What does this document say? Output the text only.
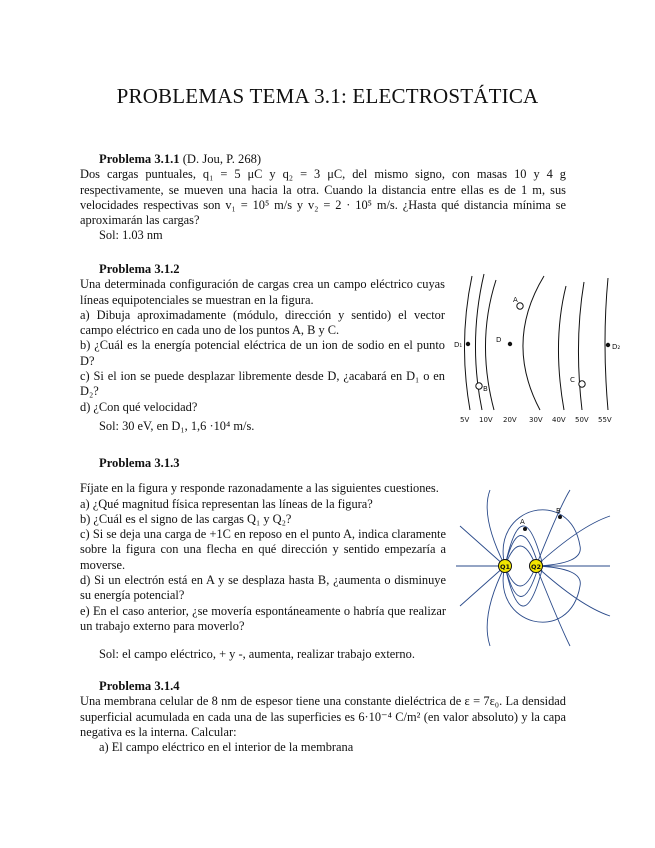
PROBLEMAS TEMA 3.1: ELECTROSTÁTICA

Problema 3.1.1 (D. Jou, P. 268)

Dos cargas puntuales, q₁ = 5 μC y q₂ = 3 μC, del mismo signo, con masas 10 y 4 g respectivamente, se mueven una hacia la otra. Cuando la distancia entre ellas es de 1 m, sus velocidades respectivas son v₁ = 10⁵ m/s y v₂ = 2 · 10⁵ m/s. ¿Hasta qué distancia mínima se aproximarán las cargas?

Sol: 1.03 nm

Problema 3.1.2

Una determinada configuración de cargas crea un campo eléctrico cuyas líneas equipotenciales se muestran en la figura.

a) Dibuja aproximadamente (módulo, dirección y sentido) el vector campo eléctrico en cada uno de los puntos A, B y C.

b) ¿Cuál es la energía potencial eléctrica de un ion de sodio en el punto D?

c) Si el ion se puede desplazar libremente desde D, ¿acabará en D₁ o en D₂?

d) ¿Con qué velocidad?

Sol: 30 eV, en D₁, 1,6 ·10⁴ m/s.

D₁
D
A
B
C
D₂
5V 10V 20V 30V 40V 50V 55V

Problema 3.1.3

Fíjate en la figura y responde razonadamente a las siguientes cuestiones.

a) ¿Qué magnitud física representan las líneas de la figura?

b) ¿Cuál es el signo de las cargas Q₁ y Q₂?

c) Si se deja una carga de +1C en reposo en el punto A, indica claramente sobre la figura con una flecha en qué dirección y sentido empezaría a moverse.

d) Si un electrón está en A y se desplaza hasta B, ¿aumenta o disminuye su energía potencial?

e) En el caso anterior, ¿se movería espontáneamente o habría que realizar un trabajo externo para moverlo?

Sol: el campo eléctrico, + y -, aumenta, realizar trabajo externo.

A
B
Q1	Q2

Problema 3.1.4

Una membrana celular de 8 nm de espesor tiene una constante dieléctrica de ε = 7ε₀. La densidad superficial acumulada en cada una de las superficies es 6·10⁻⁴ C/m² (en valor absoluto) y la capa negativa es la interna. Calcular:

a) El campo eléctrico en el interior de la membrana
